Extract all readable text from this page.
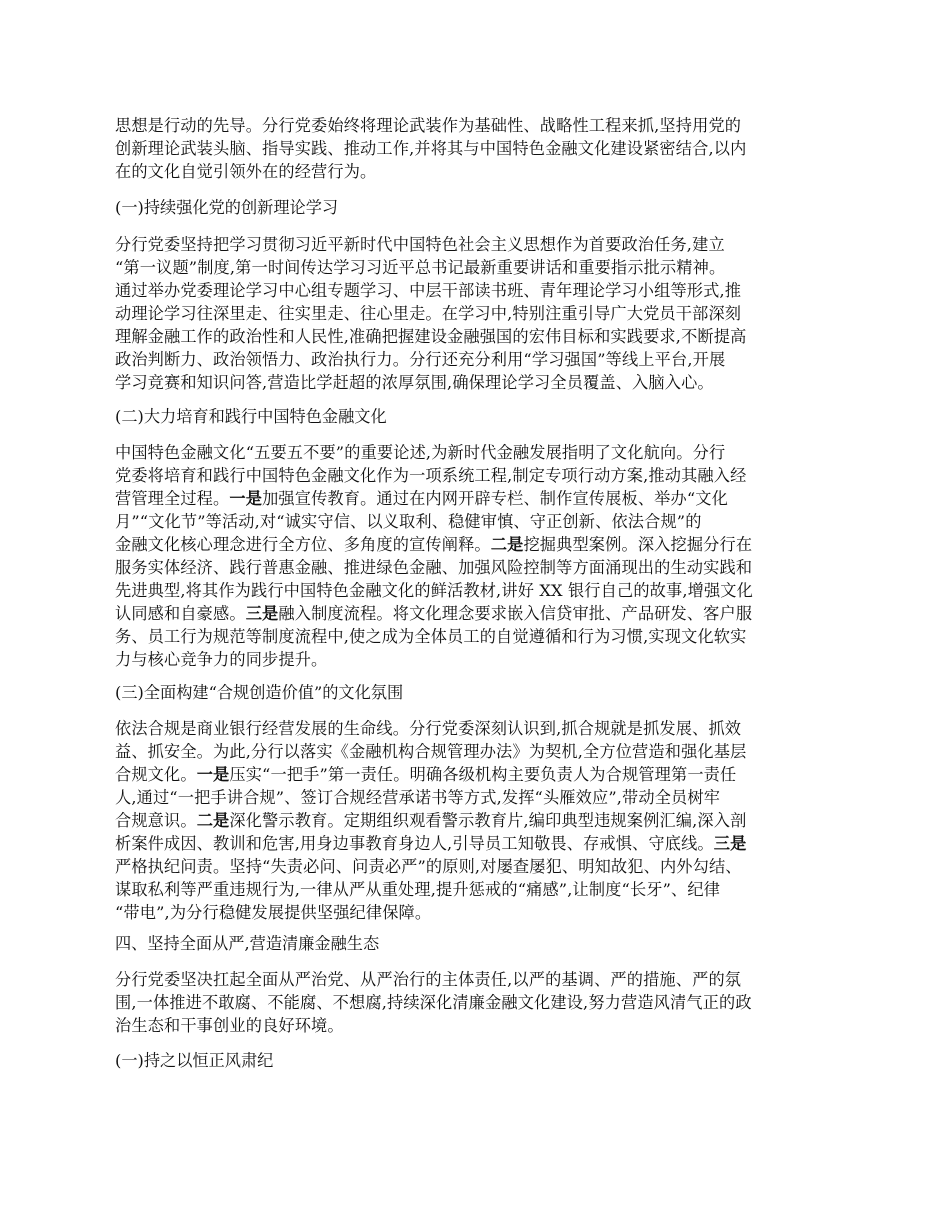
思想是行动的先导。分行党委始终将理论武装作为基础性、战略性工程来抓,坚持用党的
创新理论武装头脑、指导实践、推动工作,并将其与中国特色金融文化建设紧密结合,以内
在的文化自觉引领外在的经营行为。
(一)持续强化党的创新理论学习
分行党委坚持把学习贯彻习近平新时代中国特色社会主义思想作为首要政治任务,建立
“第一议题”制度,第一时间传达学习习近平总书记最新重要讲话和重要指示批示精神。
通过举办党委理论学习中心组专题学习、中层干部读书班、青年理论学习小组等形式,推
动理论学习往深里走、往实里走、往心里走。在学习中,特别注重引导广大党员干部深刻
理解金融工作的政治性和人民性,准确把握建设金融强国的宏伟目标和实践要求,不断提高
政治判断力、政治领悟力、政治执行力。分行还充分利用“学习强国”等线上平台,开展
学习竞赛和知识问答,营造比学赶超的浓厚氛围,确保理论学习全员覆盖、入脑入心。
(二)大力培育和践行中国特色金融文化
中国特色金融文化“五要五不要”的重要论述,为新时代金融发展指明了文化航向。分行
党委将培育和践行中国特色金融文化作为一项系统工程,制定专项行动方案,推动其融入经
营管理全过程。一是加强宣传教育。通过在内网开辟专栏、制作宣传展板、举办“文化
月”“文化节”等活动,对“诚实守信、以义取利、稳健审慎、守正创新、依法合规”的
金融文化核心理念进行全方位、多角度的宣传阐释。二是挖掘典型案例。深入挖掘分行在
服务实体经济、践行普惠金融、推进绿色金融、加强风险控制等方面涌现出的生动实践和
先进典型,将其作为践行中国特色金融文化的鲜活教材,讲好 XX 银行自己的故事,增强文化
认同感和自豪感。三是融入制度流程。将文化理念要求嵌入信贷审批、产品研发、客户服
务、员工行为规范等制度流程中,使之成为全体员工的自觉遵循和行为习惯,实现文化软实
力与核心竞争力的同步提升。
(三)全面构建“合规创造价值”的文化氛围
依法合规是商业银行经营发展的生命线。分行党委深刻认识到,抓合规就是抓发展、抓效
益、抓安全。为此,分行以落实《金融机构合规管理办法》为契机,全方位营造和强化基层
合规文化。一是压实“一把手”第一责任。明确各级机构主要负责人为合规管理第一责任
人,通过“一把手讲合规”、签订合规经营承诺书等方式,发挥“头雁效应”,带动全员树牢
合规意识。二是深化警示教育。定期组织观看警示教育片,编印典型违规案例汇编,深入剖
析案件成因、教训和危害,用身边事教育身边人,引导员工知敬畏、存戒惧、守底线。三是
严格执纪问责。坚持“失责必问、问责必严”的原则,对屡查屡犯、明知故犯、内外勾结、
谋取私利等严重违规行为,一律从严从重处理,提升惩戒的“痛感”,让制度“长牙”、纪律
“带电”,为分行稳健发展提供坚强纪律保障。
四、坚持全面从严,营造清廉金融生态
分行党委坚决扛起全面从严治党、从严治行的主体责任,以严的基调、严的措施、严的氛
围,一体推进不敢腐、不能腐、不想腐,持续深化清廉金融文化建设,努力营造风清气正的政
治生态和干事创业的良好环境。
(一)持之以恒正风肃纪
